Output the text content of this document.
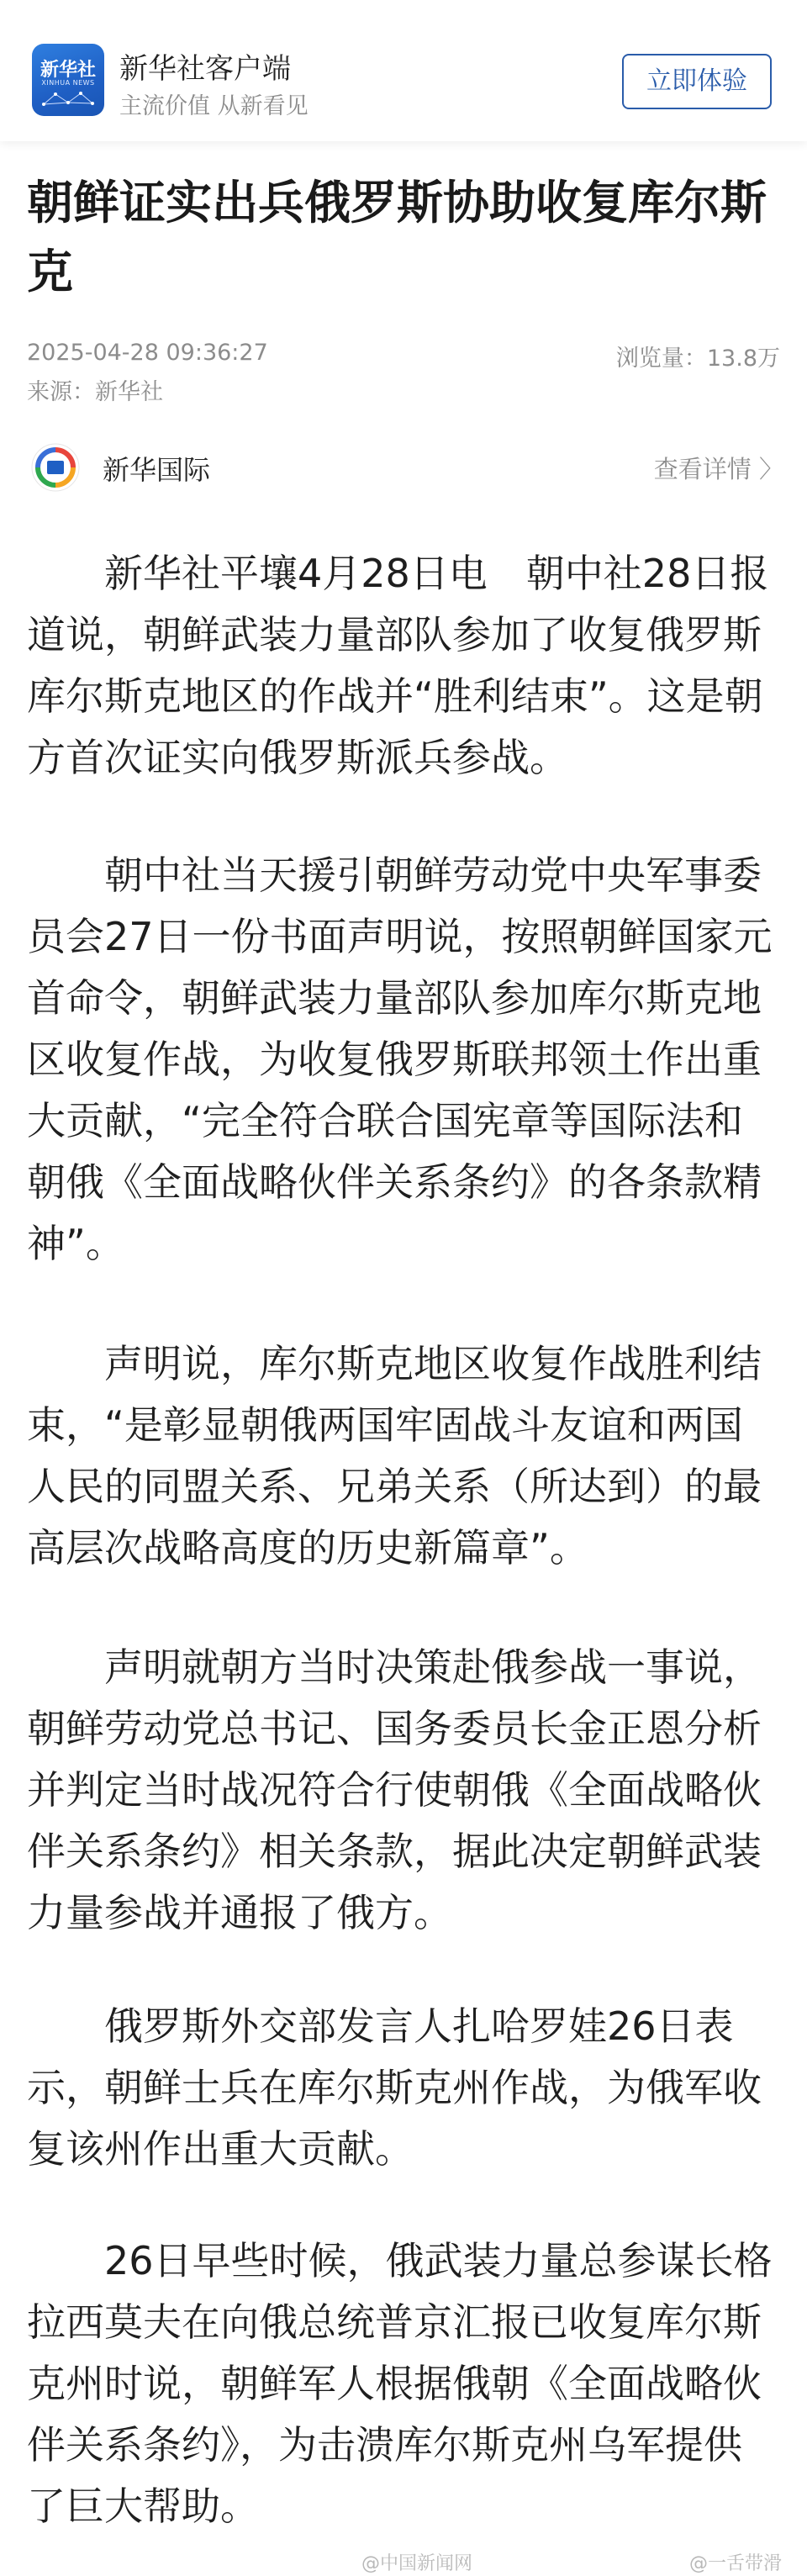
新华社
XINHUA NEWS 新华社客户端
主流价值 从新看见
立即体验
朝鲜证实出兵俄罗斯协助收复库尔斯克
2025-04-28 09:36:27	浏览量：13.8万
来源：新华社
新华国际	查看详情 〉

新华社平壤4月28日电　朝中社28日报道说，朝鲜武装力量部队参加了收复俄罗斯库尔斯克地区的作战并“胜利结束”。这是朝方首次证实向俄罗斯派兵参战。

朝中社当天援引朝鲜劳动党中央军事委员会27日一份书面声明说，按照朝鲜国家元首命令，朝鲜武装力量部队参加库尔斯克地区收复作战，为收复俄罗斯联邦领土作出重大贡献，“完全符合联合国宪章等国际法和朝俄《全面战略伙伴关系条约》的各条款精神”。

声明说，库尔斯克地区收复作战胜利结束，“是彰显朝俄两国牢固战斗友谊和两国人民的同盟关系、兄弟关系（所达到）的最高层次战略高度的历史新篇章”。

声明就朝方当时决策赴俄参战一事说，朝鲜劳动党总书记、国务委员长金正恩分析并判定当时战况符合行使朝俄《全面战略伙伴关系条约》相关条款，据此决定朝鲜武装力量参战并通报了俄方。

俄罗斯外交部发言人扎哈罗娃26日表示，朝鲜士兵在库尔斯克州作战，为俄军收复该州作出重大贡献。

26日早些时候，俄武装力量总参谋长格拉西莫夫在向俄总统普京汇报已收复库尔斯克州时说，朝鲜军人根据俄朝《全面战略伙伴关系条约》，为击溃库尔斯克州乌军提供了巨大帮助。

@中国新闻网	@一舌带滑
